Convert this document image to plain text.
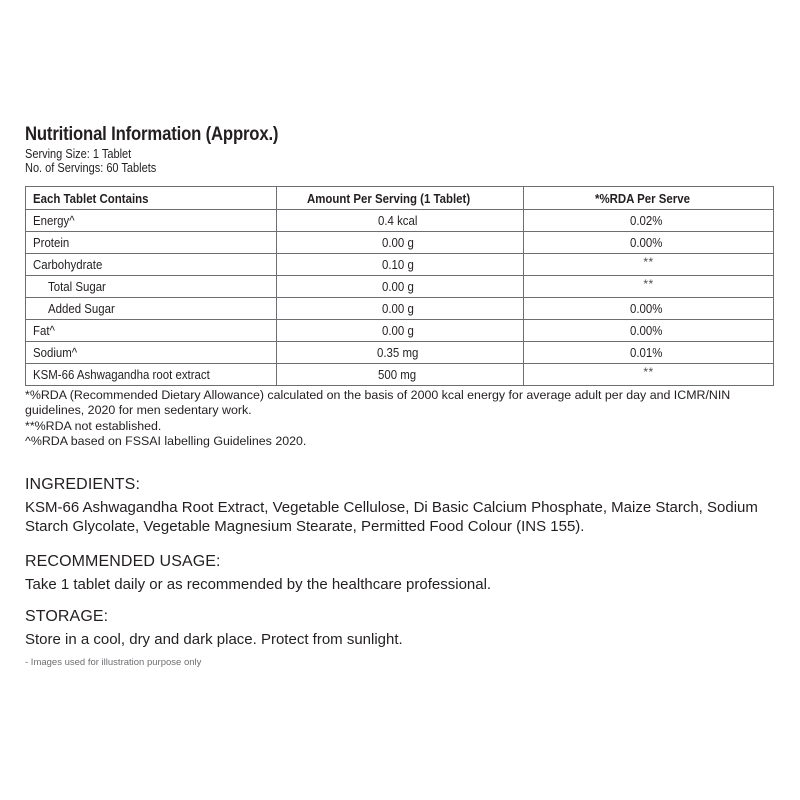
Nutritional Information (Approx.)
Serving Size: 1 Tablet
No. of Servings: 60 Tablets
Each Tablet Contains	Amount Per Serving (1 Tablet)	*%RDA Per Serve

Energy^	0.4 kcal	0.02%

Protein	0.00 g	0.00%

Carbohydrate	0.10 g	**

Total Sugar	0.00 g	**

Added Sugar	0.00 g	0.00%

Fat^	0.00 g	0.00%

Sodium^	0.35 mg	0.01%

KSM-66 Ashwagandha root extract	500 mg	**

*%RDA (Recommended Dietary Allowance) calculated on the basis of 2000 kcal energy for average adult per day and ICMR/NIN guidelines, 2020 for men sedentary work.

**%RDA not established.

^%RDA based on FSSAI labelling Guidelines 2020.

INGREDIENTS:

KSM-66 Ashwagandha Root Extract, Vegetable Cellulose, Di Basic Calcium Phosphate, Maize Starch, Sodium Starch Glycolate, Vegetable Magnesium Stearate, Permitted Food Colour (INS 155).

RECOMMENDED USAGE:

Take 1 tablet daily or as recommended by the healthcare professional.

STORAGE:

Store in a cool, dry and dark place. Protect from sunlight.

- Images used for illustration purpose only
